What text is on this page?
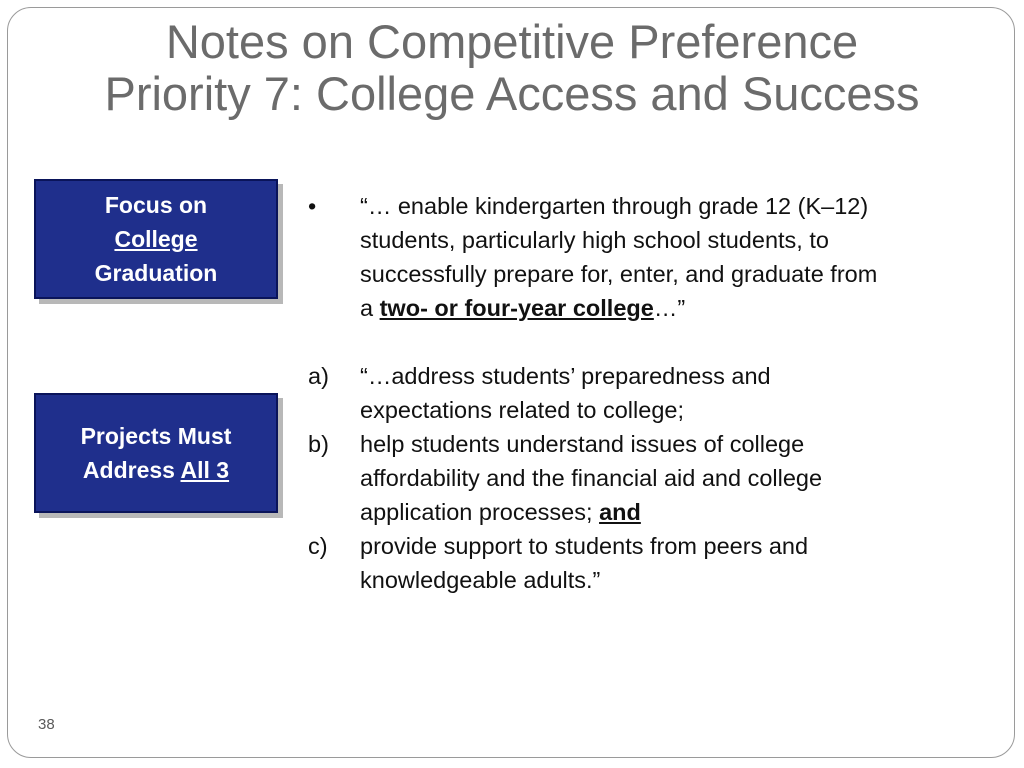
Notes on Competitive Preference
Priority 7: College Access and Success
Focus on
College
Graduation
Projects Must
Address All 3
•	“… enable kindergarten through grade 12 (K–12) students, particularly high school students, to successfully prepare for, enter, and graduate from a two- or four-year college…”
a)	“…address students’ preparedness and expectations related to college;
b)	help students understand issues of college affordability and the financial aid and college application processes; and
c)	provide support to students from peers and knowledgeable adults.”
38
